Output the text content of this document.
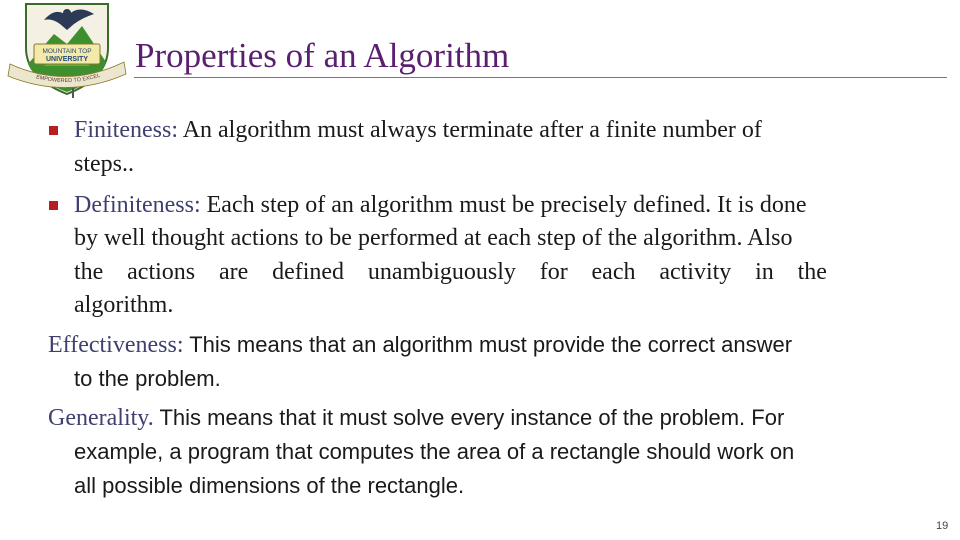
MOUNTAIN TOP
UNIVERSITY
EMPOWERED TO EXCEL
Properties of an Algorithm
Finiteness: An algorithm must always terminate after a finite number of
steps..
Definiteness: Each step of an algorithm must be precisely defined. It is done
by well thought actions to be performed at each step of the algorithm. Also
the actions are defined unambiguously for each activity in the
algorithm.
Effectiveness: This means that an algorithm must provide the correct answer
to the problem.
Generality. This means that it must solve every instance of the problem. For
example, a program that computes the area of a rectangle should work on
all possible dimensions of the rectangle.
19
